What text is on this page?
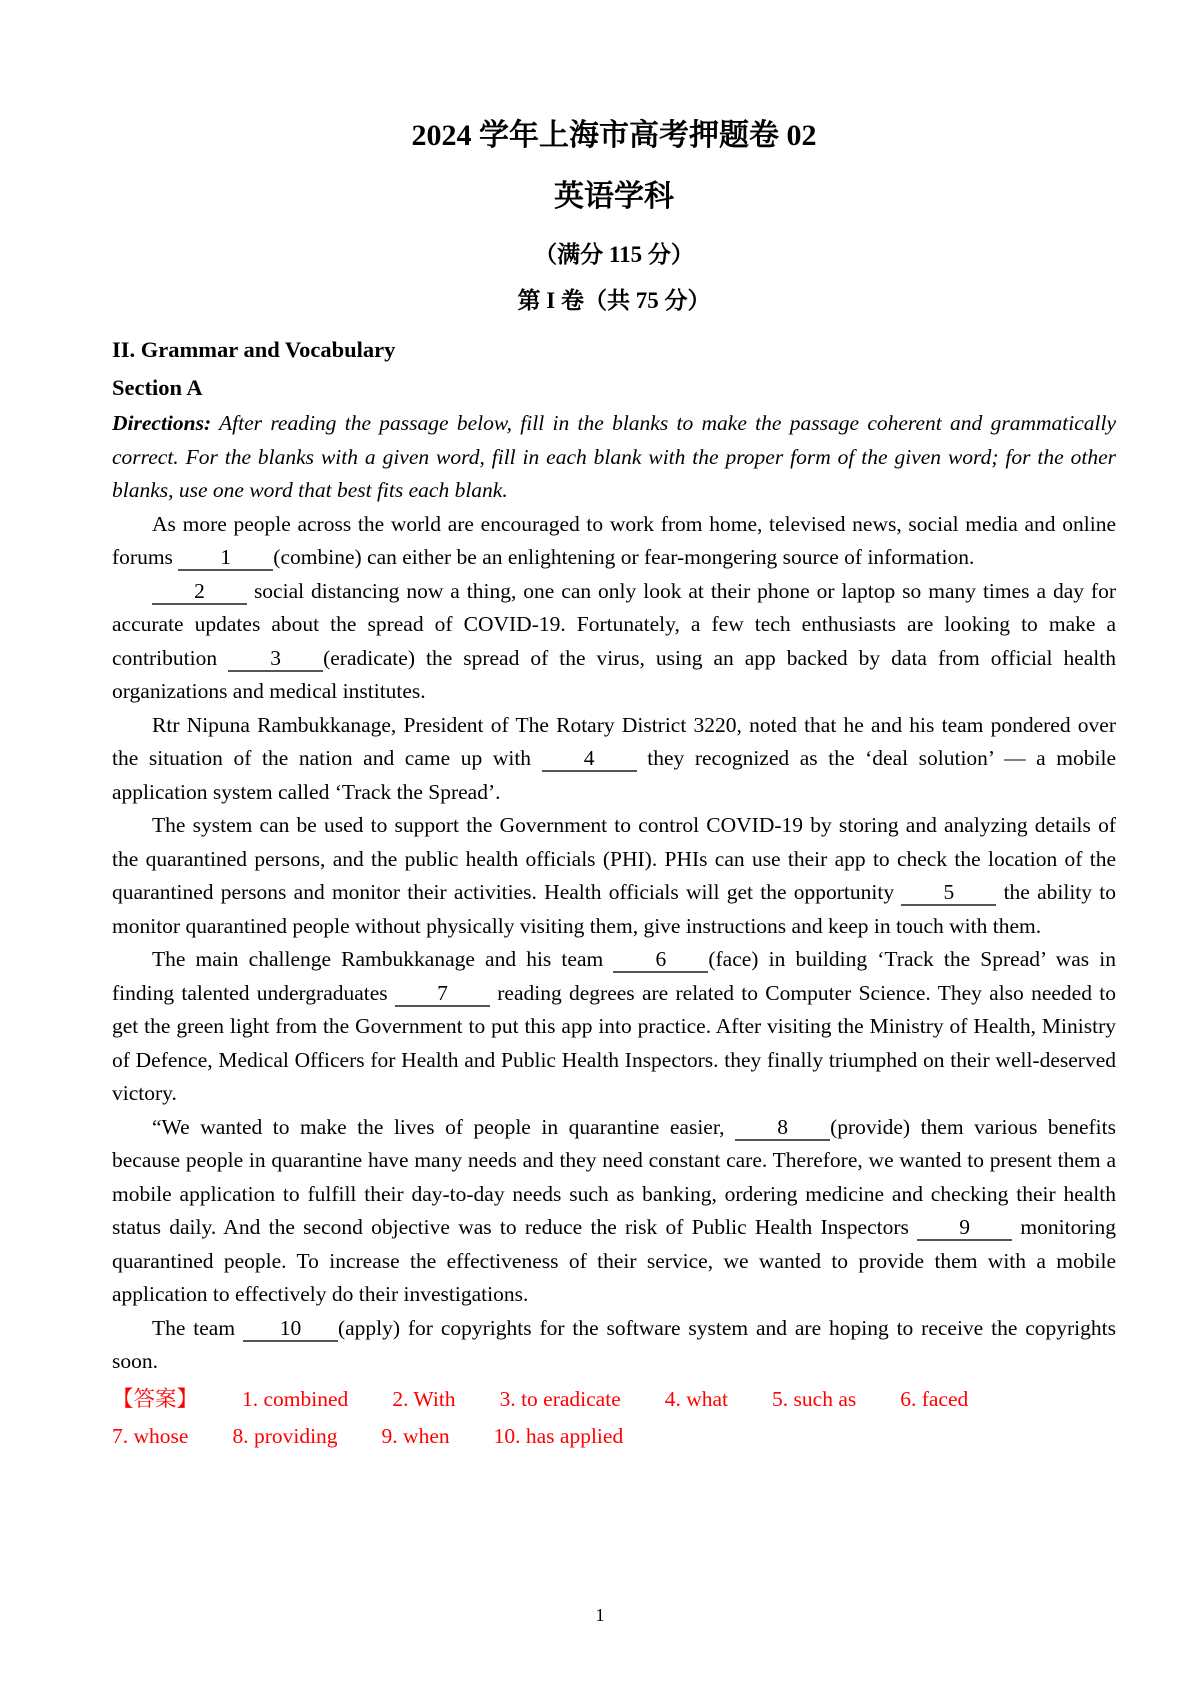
2024 学年上海市高考押题卷 02

英语学科

（满分 115 分）

第 I 卷（共 75 分）

II. Grammar and Vocabulary

Section A

Directions: After reading the passage below, fill in the blanks to make the passage coherent and grammatically correct. For the blanks with a given word, fill in each blank with the proper form of the given word; for the other blanks, use one word that best fits each blank.

As more people across the world are encouraged to work from home, televised news, social media and online forums 1 (combine) can either be an enlightening or fear-mongering source of information.

2 social distancing now a thing, one can only look at their phone or laptop so many times a day for accurate updates about the spread of COVID-19. Fortunately, a few tech enthusiasts are looking to make a contribution 3 (eradicate) the spread of the virus, using an app backed by data from official health organizations and medical institutes.

Rtr Nipuna Rambukkanage, President of The Rotary District 3220, noted that he and his team pondered over the situation of the nation and came up with 4 they recognized as the ‘deal solution’ — a mobile application system called ‘Track the Spread’.

The system can be used to support the Government to control COVID-19 by storing and analyzing details of the quarantined persons, and the public health officials (PHI). PHIs can use their app to check the location of the quarantined persons and monitor their activities. Health officials will get the opportunity 5 the ability to monitor quarantined people without physically visiting them, give instructions and keep in touch with them.

The main challenge Rambukkanage and his team 6 (face) in building ‘Track the Spread’ was in finding talented undergraduates 7 reading degrees are related to Computer Science. They also needed to get the green light from the Government to put this app into practice. After visiting the Ministry of Health, Ministry of Defence, Medical Officers for Health and Public Health Inspectors. they finally triumphed on their well-deserved victory.

“We wanted to make the lives of people in quarantine easier, 8 (provide) them various benefits because people in quarantine have many needs and they need constant care. Therefore, we wanted to present them a mobile application to fulfill their day-to-day needs such as banking, ordering medicine and checking their health status daily. And the second objective was to reduce the risk of Public Health Inspectors 9 monitoring quarantined people. To increase the effectiveness of their service, we wanted to provide them with a mobile application to effectively do their investigations.

The team 10 (apply) for copyrights for the software system and are hoping to receive the copyrights soon.

【答案】 1. combined 2. With 3. to eradicate 4. what 5. such as 6. faced7. whose 8. providing 9. when 10. has applied

1
